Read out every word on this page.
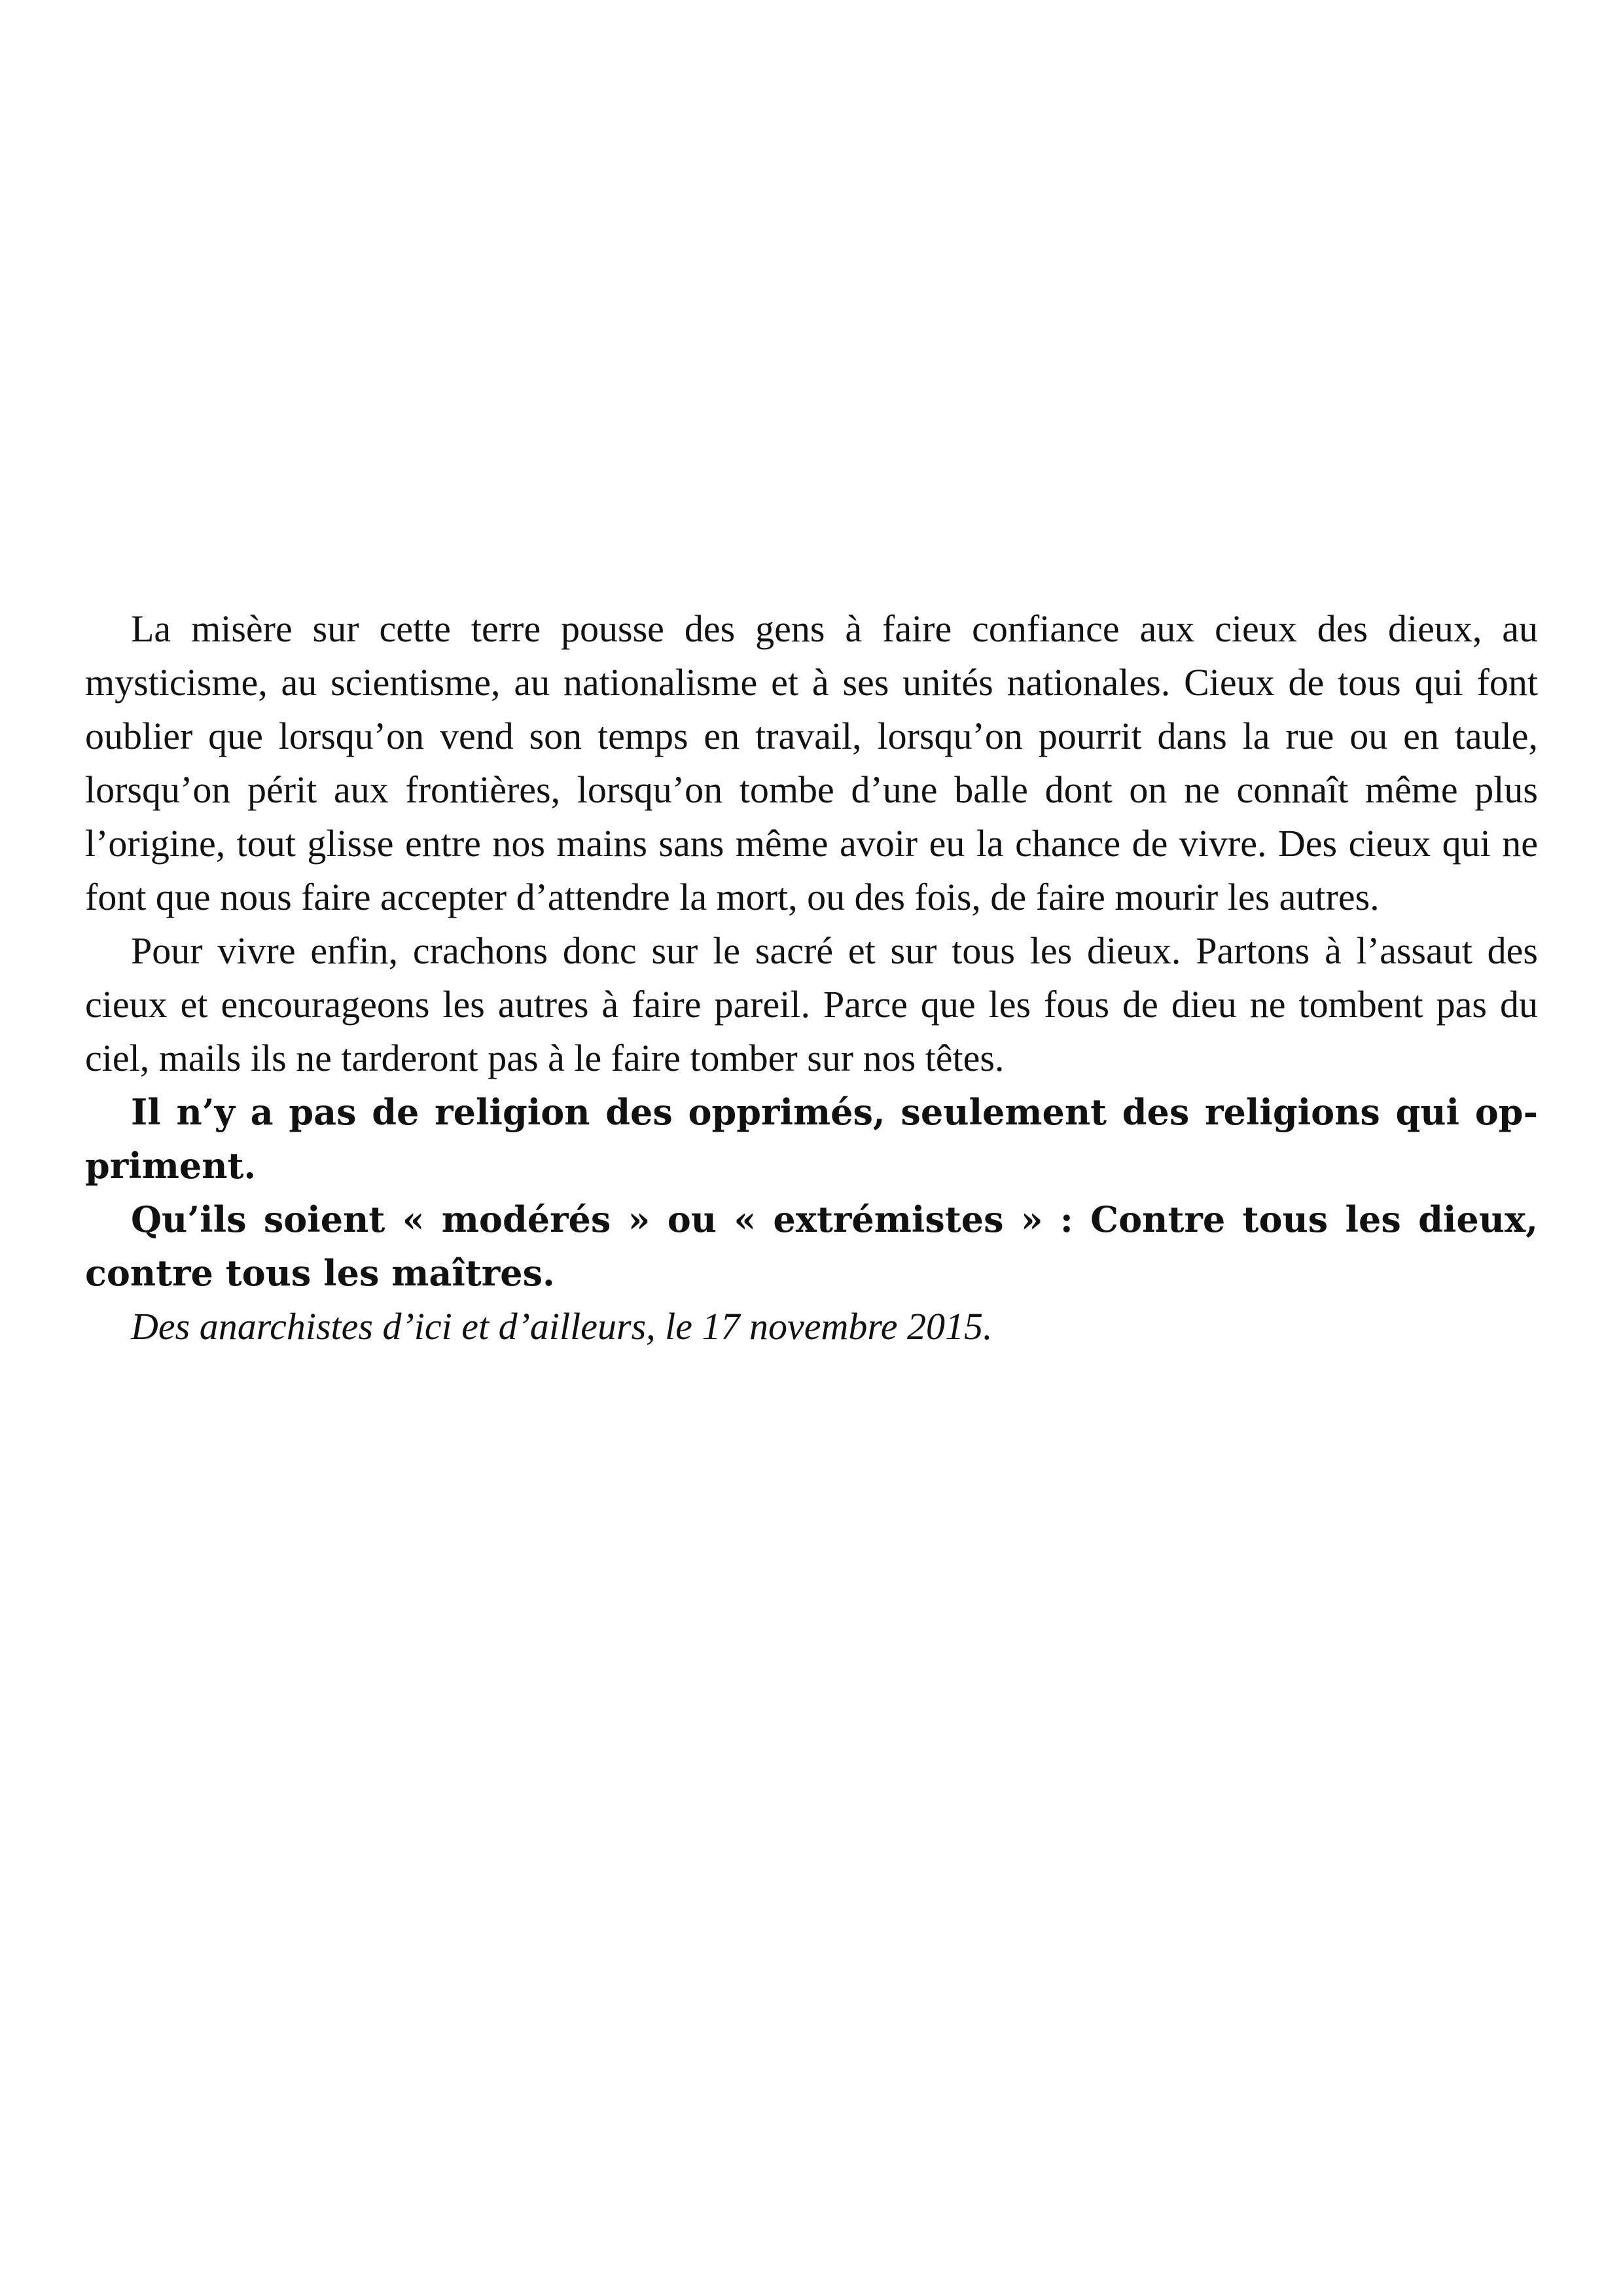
La misère sur cette terre pousse des gens à faire confiance aux cieux des dieux, au mysticisme, au scientisme, au nationalisme et à ses unités nationales. Cieux de tous qui font oublier que lorsqu’on vend son temps en travail, lorsqu’on pourrit dans la rue ou en taule, lorsqu’on périt aux frontières, lorsqu’on tombe d’une balle dont on ne connaît même plus l’origine, tout glisse entre nos mains sans même avoir eu la chance de vivre. Des cieux qui ne font que nous faire accepter d’attendre la mort, ou des fois, de faire mourir les autres.

Pour vivre enfin, crachons donc sur le sacré et sur tous les dieux. Partons à l’assaut des cieux et encourageons les autres à faire pareil. Parce que les fous de dieu ne tombent pas du ciel, mails ils ne tarderont pas à le faire tomber sur nos têtes.

Il n’y a pas de religion des opprimés, seulement des religions qui oppriment.

Qu’ils soient « modérés » ou « extrémistes » : Contre tous les dieux, contre tous les maîtres.

Des anarchistes d’ici et d’ailleurs, le 17 novembre 2015.
